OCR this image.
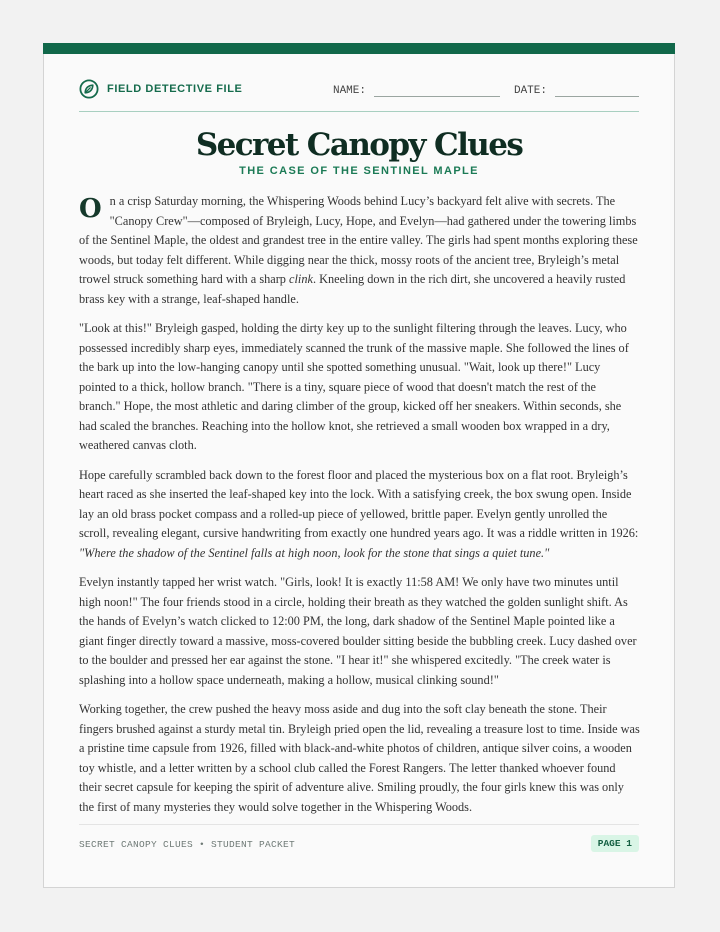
FIELD DETECTIVE FILE	NAME:	DATE:
Secret Canopy Clues
THE CASE OF THE SENTINEL MAPLE

On a crisp Saturday morning, the Whispering Woods behind Lucy’s backyard felt alive with secrets. The "Canopy Crew"—composed of Bryleigh, Lucy, Hope, and Evelyn—had gathered under the towering limbs of the Sentinel Maple, the oldest and grandest tree in the entire valley. The girls had spent months exploring these woods, but today felt different. While digging near the thick, mossy roots of the ancient tree, Bryleigh’s metal trowel struck something hard with a sharp clink. Kneeling down in the rich dirt, she uncovered a heavily rusted brass key with a strange, leaf-shaped handle.

"Look at this!" Bryleigh gasped, holding the dirty key up to the sunlight filtering through the leaves. Lucy, who possessed incredibly sharp eyes, immediately scanned the trunk of the massive maple. She followed the lines of the bark up into the low-hanging canopy until she spotted something unusual. "Wait, look up there!" Lucy pointed to a thick, hollow branch. "There is a tiny, square piece of wood that doesn't match the rest of the branch." Hope, the most athletic and daring climber of the group, kicked off her sneakers. Within seconds, she had scaled the branches. Reaching into the hollow knot, she retrieved a small wooden box wrapped in a dry, weathered canvas cloth.

Hope carefully scrambled back down to the forest floor and placed the mysterious box on a flat root. Bryleigh’s heart raced as she inserted the leaf-shaped key into the lock. With a satisfying creek, the box swung open. Inside lay an old brass pocket compass and a rolled-up piece of yellowed, brittle paper. Evelyn gently unrolled the scroll, revealing elegant, cursive handwriting from exactly one hundred years ago. It was a riddle written in 1926: "Where the shadow of the Sentinel falls at high noon, look for the stone that sings a quiet tune."

Evelyn instantly tapped her wrist watch. "Girls, look! It is exactly 11:58 AM! We only have two minutes until high noon!" The four friends stood in a circle, holding their breath as they watched the golden sunlight shift. As the hands of Evelyn’s watch clicked to 12:00 PM, the long, dark shadow of the Sentinel Maple pointed like a giant finger directly toward a massive, moss-covered boulder sitting beside the bubbling creek. Lucy dashed over to the boulder and pressed her ear against the stone. "I hear it!" she whispered excitedly. "The creek water is splashing into a hollow space underneath, making a hollow, musical clinking sound!"

Working together, the crew pushed the heavy moss aside and dug into the soft clay beneath the stone. Their fingers brushed against a sturdy metal tin. Bryleigh pried open the lid, revealing a treasure lost to time. Inside was a pristine time capsule from 1926, filled with black-and-white photos of children, antique silver coins, a wooden toy whistle, and a letter written by a school club called the Forest Rangers. The letter thanked whoever found their secret capsule for keeping the spirit of adventure alive. Smiling proudly, the four girls knew this was only the first of many mysteries they would solve together in the Whispering Woods.

SECRET CANOPY CLUES • STUDENT PACKET	PAGE 1
